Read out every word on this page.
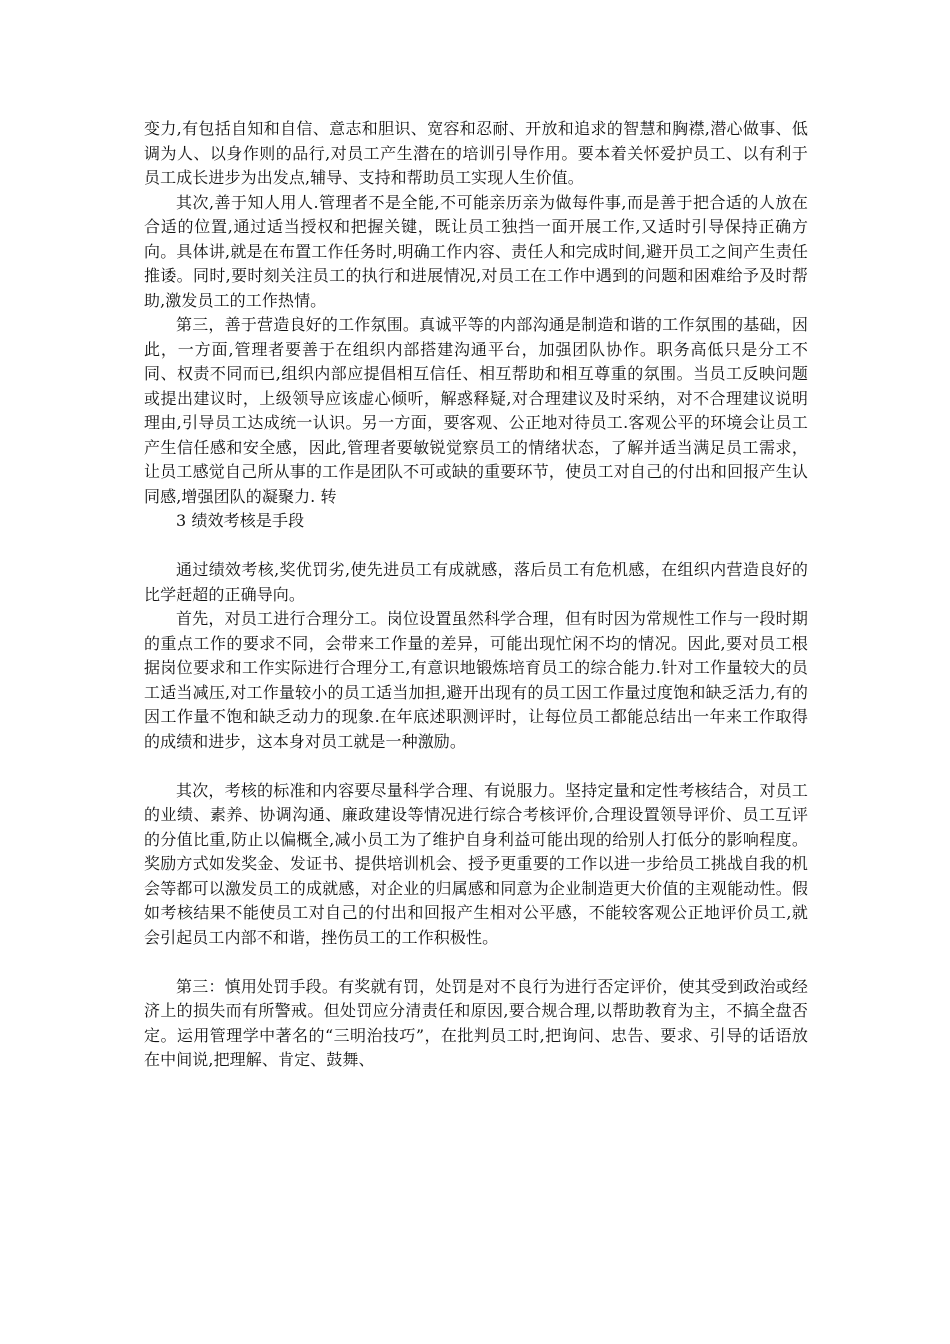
变力,有包括自知和自信、意志和胆识、宽容和忍耐、开放和追求的智慧和胸襟,潜心做事、低调为人、以身作则的品行,对员工产生潜在的培训引导作用。要本着关怀爱护员工、以有利于员工成长进步为出发点,辅导、支持和帮助员工实现人生价值。

其次,善于知人用人.管理者不是全能,不可能亲历亲为做每件事,而是善于把合适的人放在合适的位置,通过适当授权和把握关键，既让员工独挡一面开展工作,又适时引导保持正确方向。具体讲,就是在布置工作任务时,明确工作内容、责任人和完成时间,避开员工之间产生责任推诿。同时,要时刻关注员工的执行和进展情况,对员工在工作中遇到的问题和困难给予及时帮助,激发员工的工作热情。

第三，善于营造良好的工作氛围。真诚平等的内部沟通是制造和谐的工作氛围的基础，因此，一方面,管理者要善于在组织内部搭建沟通平台，加强团队协作。职务高低只是分工不同、权责不同而已,组织内部应提倡相互信任、相互帮助和相互尊重的氛围。当员工反映问题或提出建议时，上级领导应该虚心倾听，解惑释疑,对合理建议及时采纳，对不合理建议说明理由,引导员工达成统一认识。另一方面，要客观、公正地对待员工.客观公平的环境会让员工产生信任感和安全感，因此,管理者要敏锐觉察员工的情绪状态，了解并适当满足员工需求，让员工感觉自己所从事的工作是团队不可或缺的重要环节，使员工对自己的付出和回报产生认同感,增强团队的凝聚力. 转

3 绩效考核是手段

通过绩效考核,奖优罚劣,使先进员工有成就感，落后员工有危机感，在组织内营造良好的比学赶超的正确导向。

首先，对员工进行合理分工。岗位设置虽然科学合理，但有时因为常规性工作与一段时期的重点工作的要求不同，会带来工作量的差异，可能出现忙闲不均的情况。因此,要对员工根据岗位要求和工作实际进行合理分工,有意识地锻炼培育员工的综合能力.针对工作量较大的员工适当减压,对工作量较小的员工适当加担,避开出现有的员工因工作量过度饱和缺乏活力,有的因工作量不饱和缺乏动力的现象.在年底述职测评时，让每位员工都能总结出一年来工作取得的成绩和进步，这本身对员工就是一种激励。

其次，考核的标准和内容要尽量科学合理、有说服力。坚持定量和定性考核结合，对员工的业绩、素养、协调沟通、廉政建设等情况进行综合考核评价,合理设置领导评价、员工互评的分值比重,防止以偏概全,减小员工为了维护自身利益可能出现的给别人打低分的影响程度。奖励方式如发奖金、发证书、提供培训机会、授予更重要的工作以进一步给员工挑战自我的机会等都可以激发员工的成就感，对企业的归属感和同意为企业制造更大价值的主观能动性。假如考核结果不能使员工对自己的付出和回报产生相对公平感，不能较客观公正地评价员工,就会引起员工内部不和谐，挫伤员工的工作积极性。

第三：慎用处罚手段。有奖就有罚，处罚是对不良行为进行否定评价，使其受到政治或经济上的损失而有所警戒。但处罚应分清责任和原因,要合规合理,以帮助教育为主，不搞全盘否定。运用管理学中著名的“三明治技巧”，在批判员工时,把询问、忠告、要求、引导的话语放在中间说,把理解、肯定、鼓舞、
